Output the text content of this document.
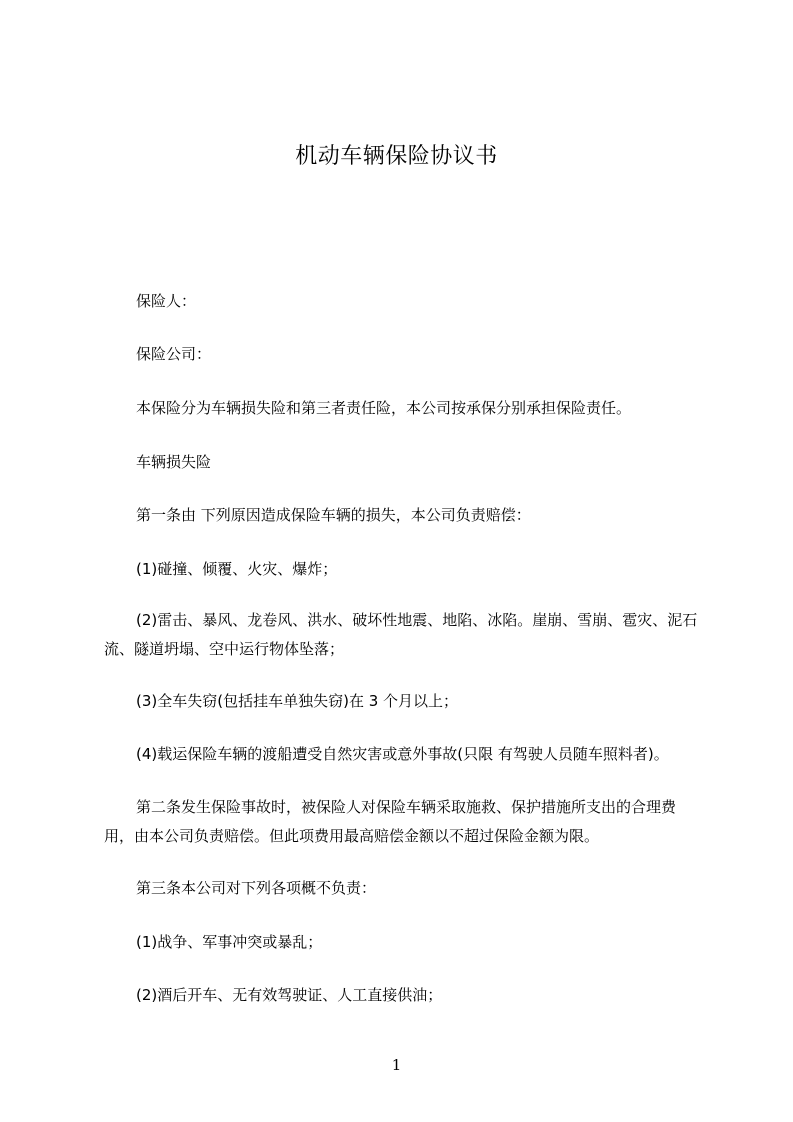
机动车辆保险协议书
保险人：
保险公司：
本保险分为车辆损失险和第三者责任险，本公司按承保分别承担保险责任。
车辆损失险
第一条由 下列原因造成保险车辆的损失，本公司负责赔偿：
(1)碰撞、倾覆、火灾、爆炸；
(2)雷击、暴风、龙卷风、洪水、破坏性地震、地陷、冰陷。崖崩、雪崩、雹灾、泥石流、隧道坍塌、空中运行物体坠落；
(3)全车失窃(包括挂车单独失窃)在 3 个月以上；
(4)载运保险车辆的渡船遭受自然灾害或意外事故(只限 有驾驶人员随车照料者)。
第二条发生保险事故时，被保险人对保险车辆采取施救、保护措施所支出的合理费用，由本公司负责赔偿。但此项费用最高赔偿金额以不超过保险金额为限。
第三条本公司对下列各项概不负责：
(1)战争、军事冲突或暴乱；
(2)酒后开车、无有效驾驶证、人工直接供油；
1
